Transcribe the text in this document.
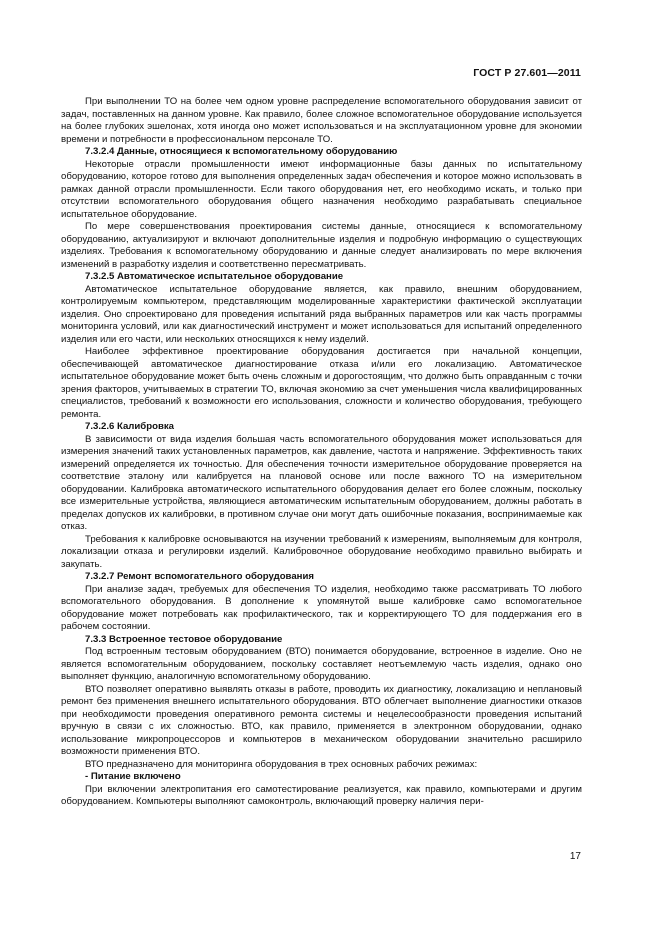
ГОСТ Р 27.601—2011

При выполнении ТО на более чем одном уровне распределение вспомогательного оборудования зависит от задач, поставленных на данном уровне. Как правило, более сложное вспомогательное оборудование используется на более глубоких эшелонах, хотя иногда оно может использоваться и на эксплуатационном уровне для экономии времени и потребности в профессиональном персонале ТО.

7.3.2.4 Данные, относящиеся к вспомогательному оборудованию

Некоторые отрасли промышленности имеют информационные базы данных по испытательному оборудованию, которое готово для выполнения определенных задач обеспечения и которое можно использовать в рамках данной отрасли промышленности. Если такого оборудования нет, его необходимо искать, и только при отсутствии вспомогательного оборудования общего назначения необходимо разрабатывать специальное испытательное оборудование.

По мере совершенствования проектирования системы данные, относящиеся к вспомогательному оборудованию, актуализируют и включают дополнительные изделия и подробную информацию о существующих изделиях. Требования к вспомогательному оборудованию и данные следует анализировать по мере включения изменений в разработку изделия и соответственно пересматривать.

7.3.2.5 Автоматическое испытательное оборудование

Автоматическое испытательное оборудование является, как правило, внешним оборудованием, контролируемым компьютером, представляющим моделированные характеристики фактической эксплуатации изделия. Оно спроектировано для проведения испытаний ряда выбранных параметров или как часть программы мониторинга условий, или как диагностический инструмент и может использоваться для испытаний определенного изделия или его части, или нескольких относящихся к нему изделий.

Наиболее эффективное проектирование оборудования достигается при начальной концепции, обеспечивающей автоматическое диагностирование отказа и/или его локализацию. Автоматическое испытательное оборудование может быть очень сложным и дорогостоящим, что должно быть оправданным с точки зрения факторов, учитываемых в стратегии ТО, включая экономию за счет уменьшения числа квалифицированных специалистов, требований к возможности его использования, сложности и количество оборудования, требующего ремонта.

7.3.2.6 Калибровка

В зависимости от вида изделия большая часть вспомогательного оборудования может использоваться для измерения значений таких установленных параметров, как давление, частота и напряжение. Эффективность таких измерений определяется их точностью. Для обеспечения точности измерительное оборудование проверяется на соответствие эталону или калибруется на плановой основе или после важного ТО на измерительном оборудовании. Калибровка автоматического испытательного оборудования делает его более сложным, поскольку все измерительные устройства, являющиеся автоматическим испытательным оборудованием, должны работать в пределах допусков их калибровки, в противном случае они могут дать ошибочные показания, воспринимаемые как отказ.

Требования к калибровке основываются на изучении требований к измерениям, выполняемым для контроля, локализации отказа и регулировки изделий. Калибровочное оборудование необходимо правильно выбирать и закупать.

7.3.2.7 Ремонт вспомогательного оборудования

При анализе задач, требуемых для обеспечения ТО изделия, необходимо также рассматривать ТО любого вспомогательного оборудования. В дополнение к упомянутой выше калибровке само вспомогательное оборудование может потребовать как профилактического, так и корректирующего ТО для поддержания его в рабочем состоянии.

7.3.3 Встроенное тестовое оборудование

Под встроенным тестовым оборудованием (ВТО) понимается оборудование, встроенное в изделие. Оно не является вспомогательным оборудованием, поскольку составляет неотъемлемую часть изделия, однако оно выполняет функцию, аналогичную вспомогательному оборудованию.

ВТО позволяет оперативно выявлять отказы в работе, проводить их диагностику, локализацию и неплановый ремонт без применения внешнего испытательного оборудования. ВТО облегчает выполнение диагностики отказов при необходимости проведения оперативного ремонта системы и нецелесообразности проведения испытаний вручную в связи с их сложностью. ВТО, как правило, применяется в электронном оборудовании, однако использование микропроцессоров и компьютеров в механическом оборудовании значительно расширило возможности применения ВТО.

ВТО предназначено для мониторинга оборудования в трех основных рабочих режимах:

- Питание включено

При включении электропитания его самотестирование реализуется, как правило, компьютерами и другим оборудованием. Компьютеры выполняют самоконтроль, включающий проверку наличия пери-

17
